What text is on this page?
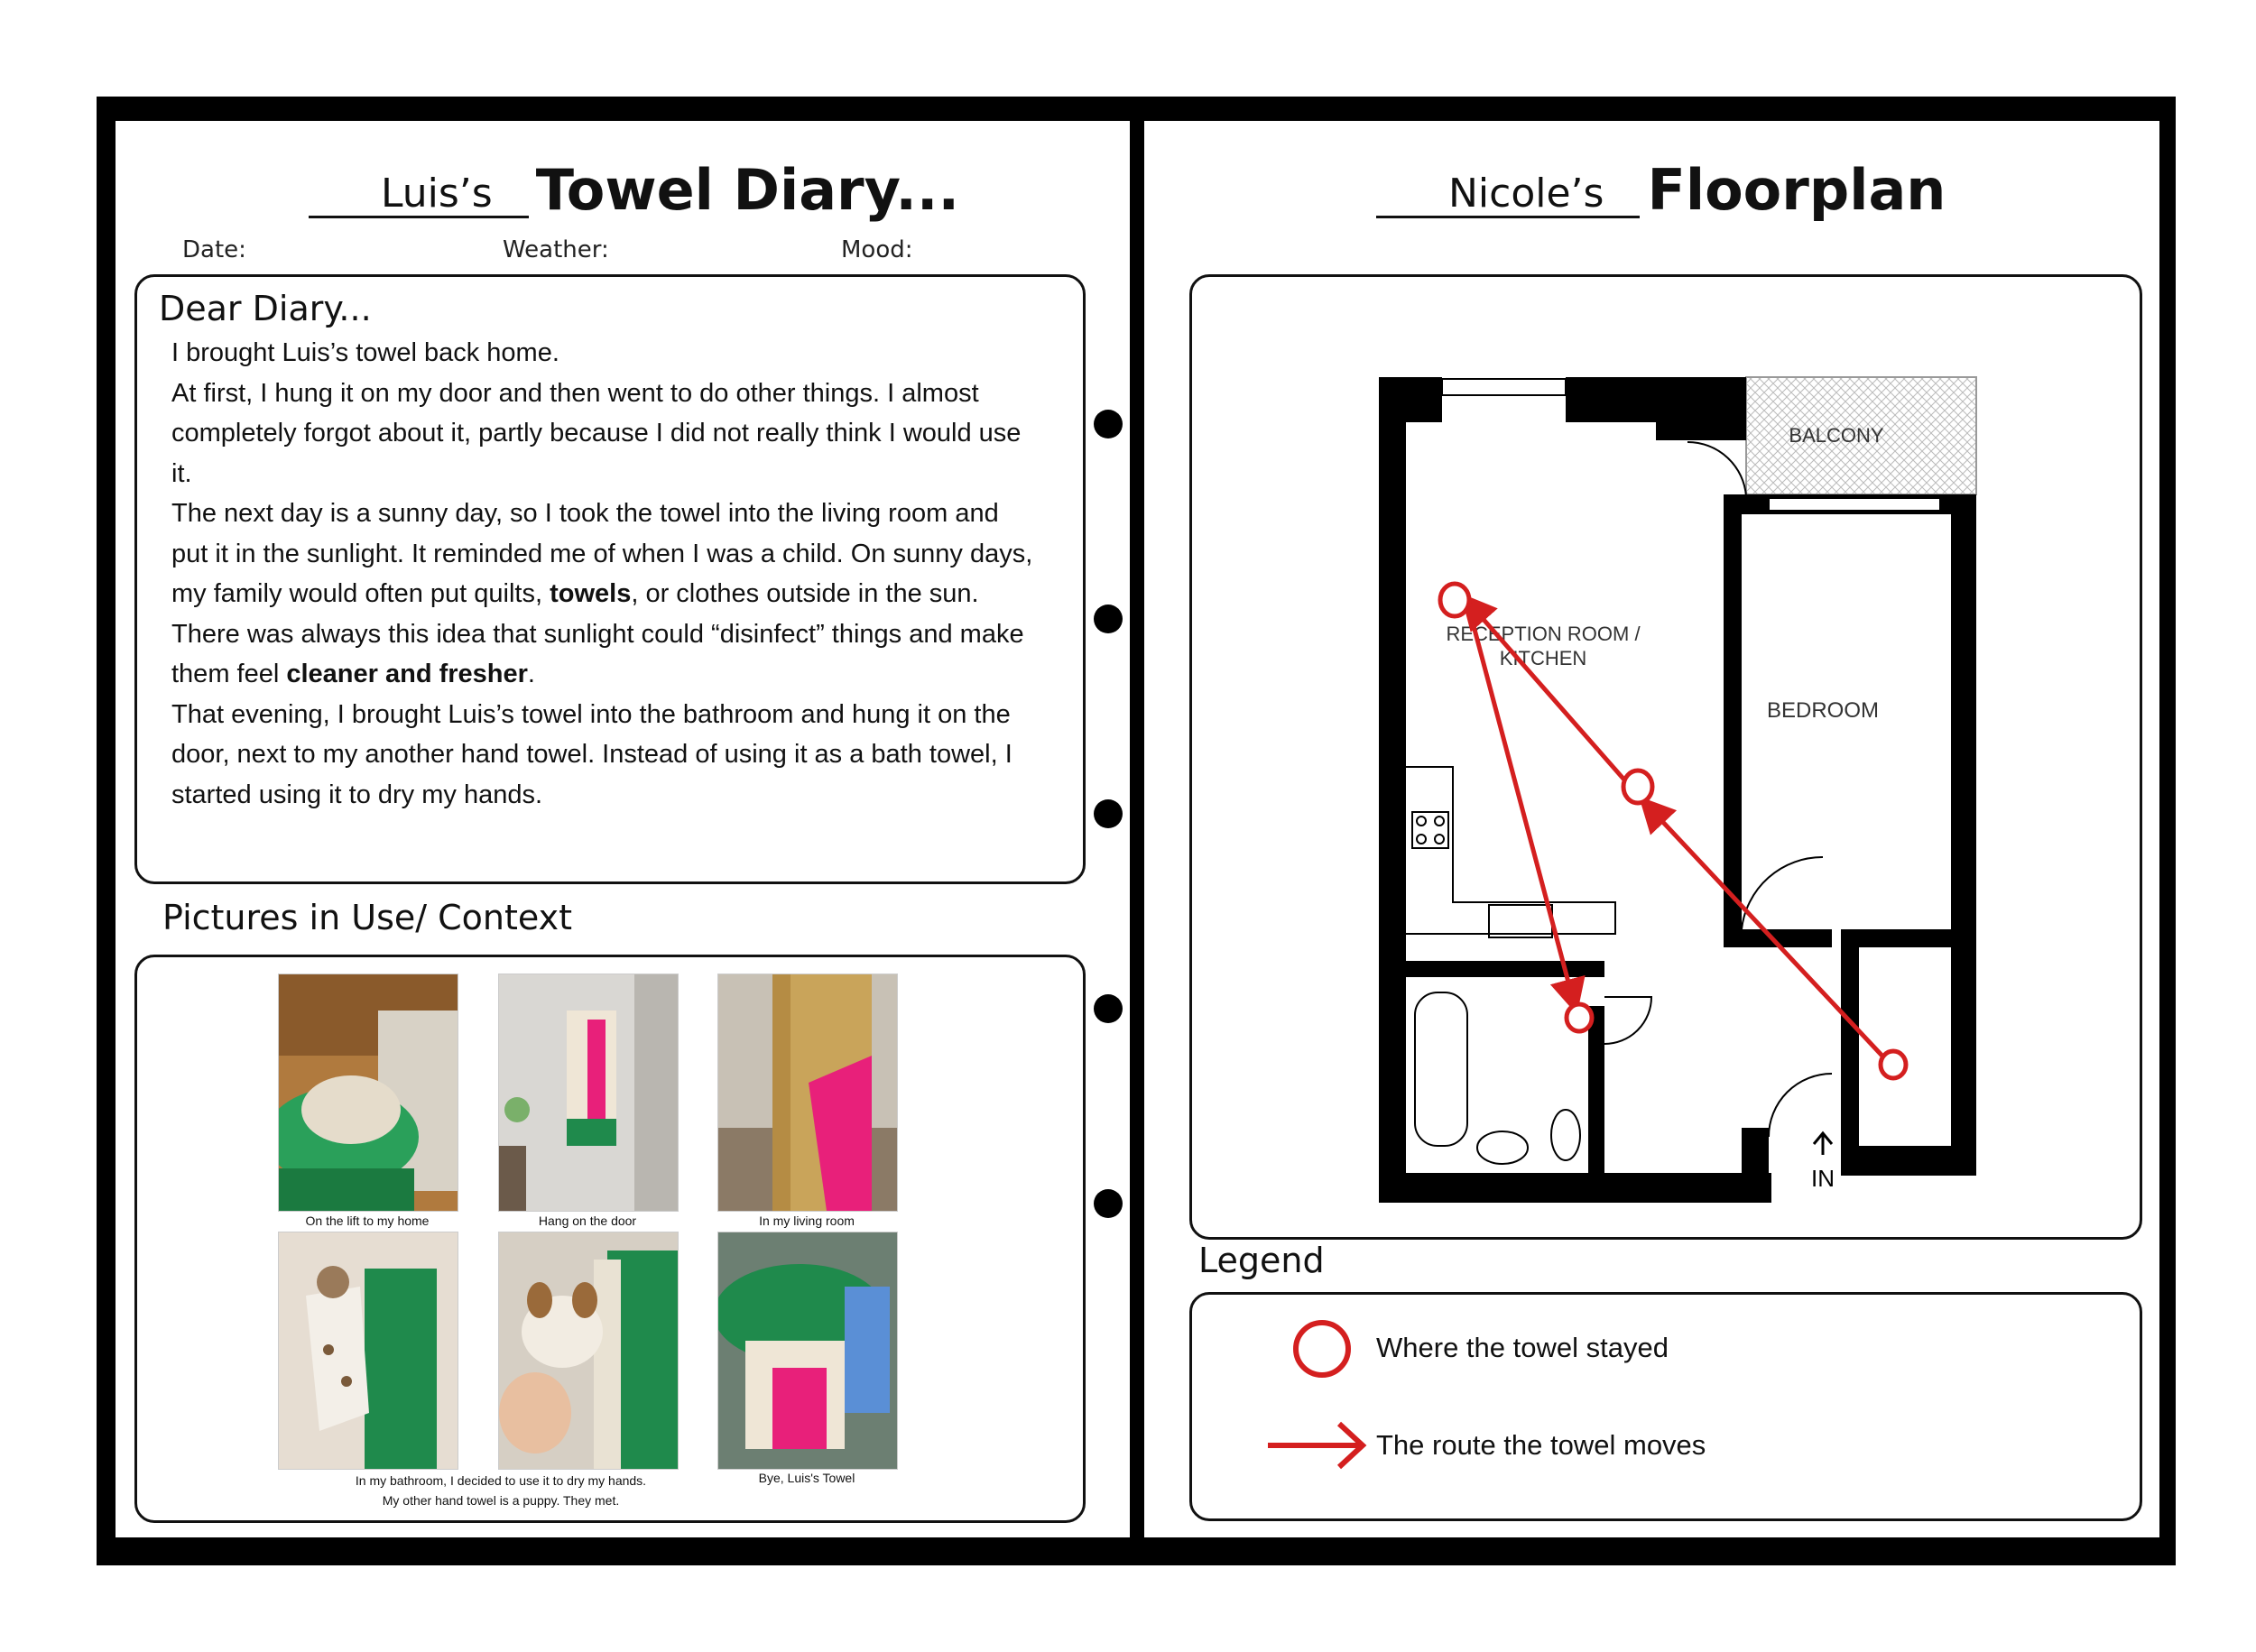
Luis’s Towel Diary...
Date:	Weather:	Mood:
Dear Diary...

I brought Luis’s towel back home.

At first, I hung it on my door and then went to do other things. I almost completely forgot about it, partly because I did not really think I would use it.

The next day is a sunny day, so I took the towel into the living room and put it in the sunlight. It reminded me of when I was a child. On sunny days, my family would often put quilts, towels, or clothes outside in the sun. There was always this idea that sunlight could “disinfect” things and make them feel cleaner and fresher.

That evening, I brought Luis’s towel into the bathroom and hung it on the door, next to my another hand towel. Instead of using it as a bath towel, I started using it to dry my hands.

Pictures in Use/ Context
On the lift to my home	Hang on the door	In my living room
In my bathroom, I decided to use it to dry my hands.
My other hand towel is a puppy. They met.
Bye, Luis's Towel
Nicole’s Floorplan
BALCONY
RECEPTION ROOM /
KITCHEN
BEDROOM
IN
Legend
Where the towel stayed
The route the towel moves
